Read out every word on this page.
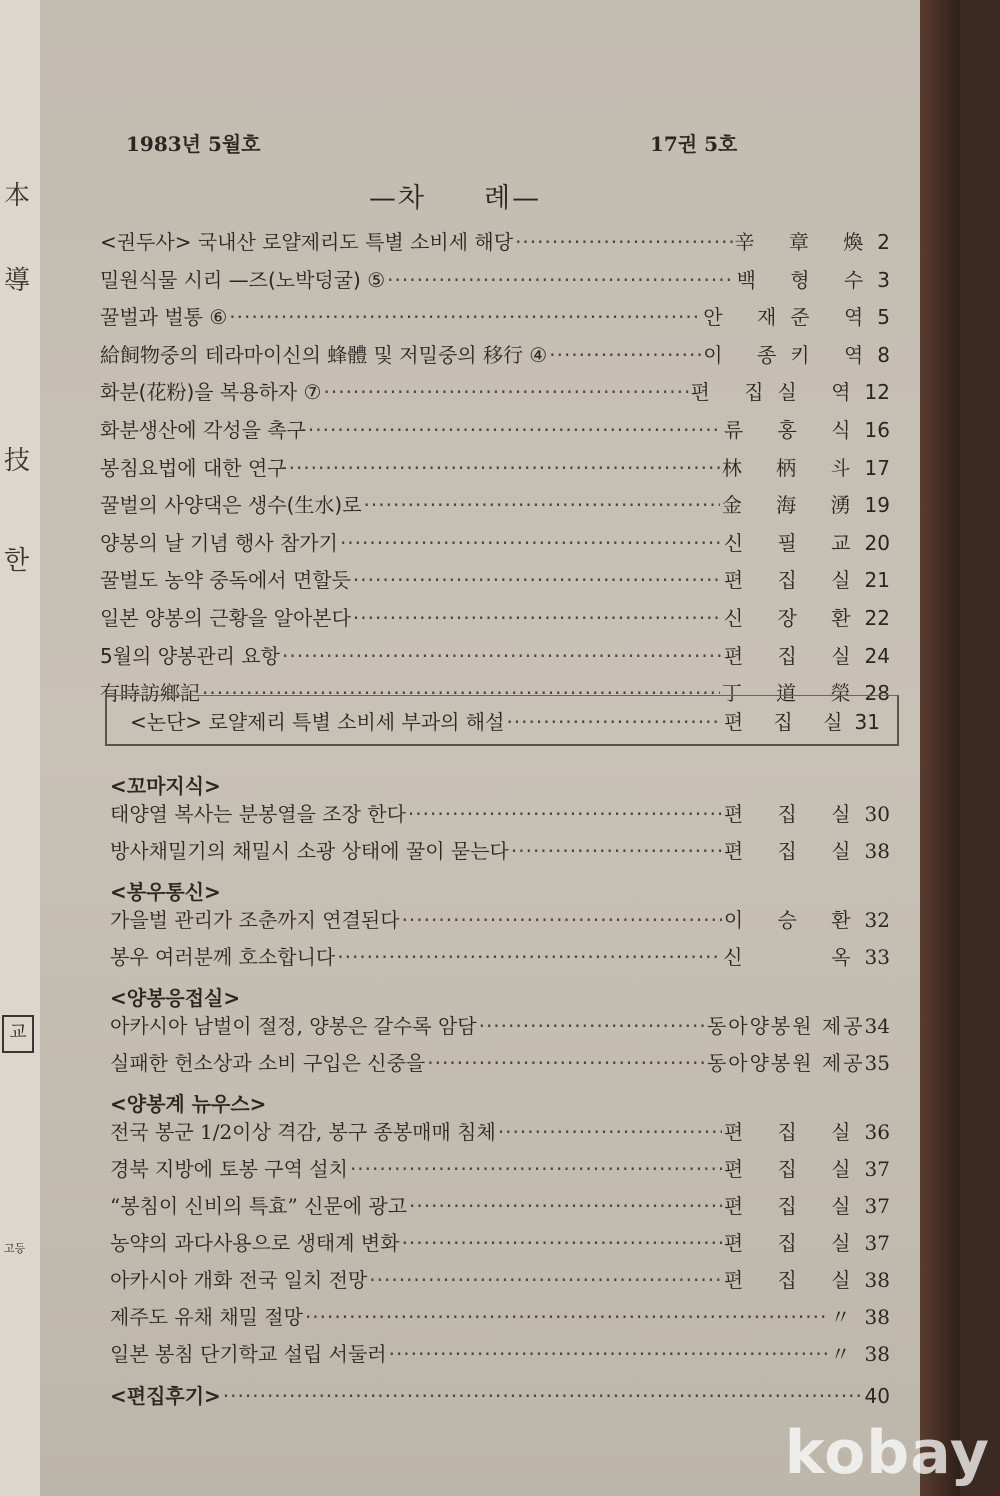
本
導
技
한
교
고등
1983년 5월호	17권 5호
—차　　례—
<권두사> 국내산 로얄제리도 특별 소비세 해당 ·····	辛 章 煥 2
밀원식물 시리 —즈(노박덩굴) ⑤ ·····	백 형 수 3
꿀벌과 벌통 ⑥ ·····	안 재준 역 5
給飼物중의 테라마이신의 蜂體 및 저밀중의 移行 ④ ·····	이 종키 역 8
화분(花粉)을 복용하자 ⑦ ·····	편 집실 역 12
화분생산에 각성을 촉구 ·····	류 홍 식 16
봉침요법에 대한 연구 ·····	林 柄 斗 17
꿀벌의 사양댁은 생수(生水)로 ·····	金 海 湧 19
양봉의 날 기념 행사 참가기 ·····	신 필 교 20
꿀벌도 농약 중독에서 면할듯 ·····	편 집 실 21
일본 양봉의 근황을 알아본다 ·····	신 장 환 22
5월의 양봉관리 요항 ·····	편 집 실 24
有時訪鄉記 ·····	丁 道 榮 28
<논단> 로얄제리 특별 소비세 부과의 해설 ·····	편 집 실 31
<꼬마지식>
태양열 복사는 분봉열을 조장 한다 ·····	편 집 실 30
방사채밀기의 채밀시 소광 상태에 꿀이 묻는다 ·····	편 집 실 38
<봉우통신>
가을벌 관리가 조춘까지 연결된다 ·····	이 승 환 32
봉우 여러분께 호소합니다 ·····	신 　 옥 33
<양봉응접실>
아카시아 남벌이 절정, 양봉은 갈수록 암담 ·····	동아양봉원 제공 34
실패한 헌소상과 소비 구입은 신중을 ·····	동아양봉원 제공 35
<양봉계 뉴우스>
전국 봉군 1/2이상 격감, 봉구 종봉매매 침체 ·····	편 집 실 36
경북 지방에 토봉 구역 설치 ·····	편 집 실 37
“봉침이 신비의 특효” 신문에 광고 ·····	편 집 실 37
농약의 과다사용으로 생태계 변화 ·····	편 집 실 37
아카시아 개화 전국 일치 전망 ·····	편 집 실 38
제주도 유채 채밀 절망 ·····	〃 38
일본 봉침 단기학교 설립 서둘러 ·····	〃 38
<편집후기> ·····	40
kobay
